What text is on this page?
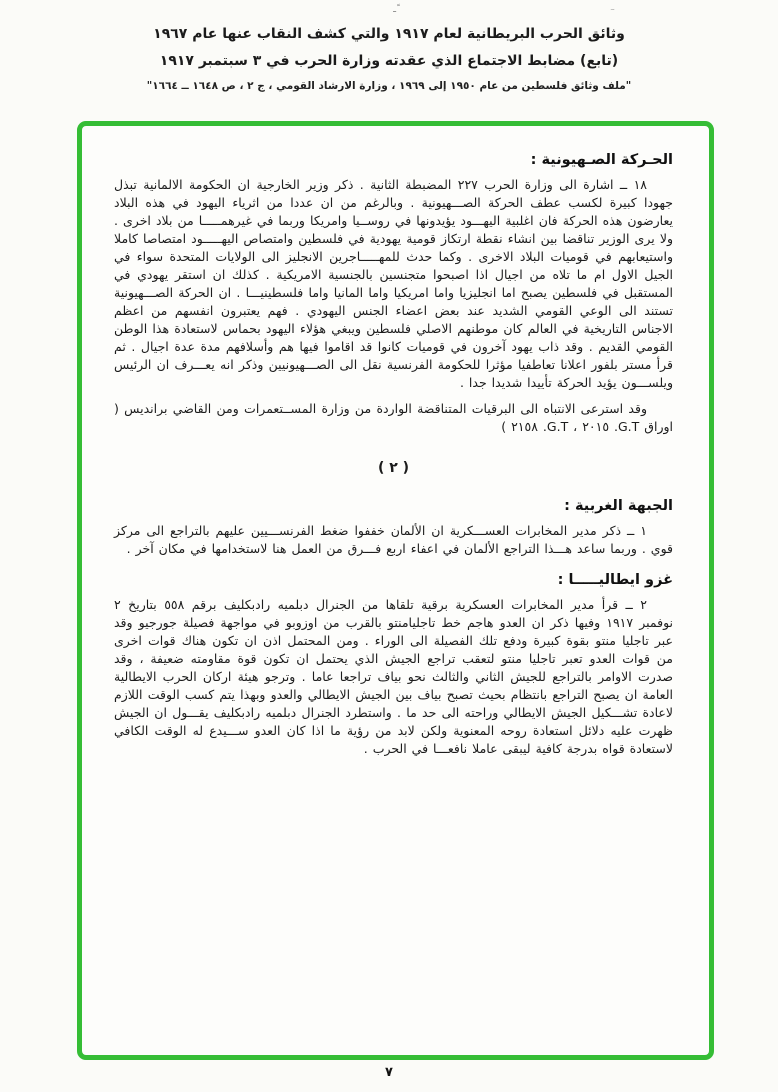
ًـ
وثائق الحرب البريطانية لعام ١٩١٧ والتي كشف النقاب عنها عام ١٩٦٧
(تابع) مضابط الاجتماع الذي عقدته وزارة الحرب في ٣ سبتمبر ١٩١٧
"ملف وثائق فلسطين من عام ١٩٥٠ إلى ١٩٦٩ ، وزارة الارشاد القومي ، ج ٢ ، ص ١٦٤٨ ــ ١٦٦٤"
الحـركة الصـهيونية :

١٨ ــ اشارة الى وزارة الحرب ٢٢٧ المضبطة الثانية . ذكر وزير الخارجية ان الحكومة الالمانية تبذل جهودا كبيرة لكسب عطف الحركة الصـــهيونية . وبالرغم من ان عددا من اثرياء اليهود في هذه البلاد يعارضون هذه الحركة فان اغلبية اليهـــود يؤيدونها في روســيا وامريكا وربما في غيرهمـــــا من بلاد اخرى . ولا يرى الوزير تناقضا بين انشاء نقطة ارتكاز قومية يهودية في فلسطين وامتصاص اليهـــــود امتصاصا كاملا واستيعابهم في قوميات البلاد الاخرى . وكما حدث للمهـــــاجرين الانجليز الى الولايات المتحدة سواء في الجيل الاول ام ما تلاه من اجيال اذا اصبحوا متجنسين بالجنسية الامريكية . كذلك ان استقر يهودي في المستقبل في فلسطين يصبح اما انجليزيا واما امريكيا واما المانيا واما فلسطينيـــا . ان الحركة الصـــهيونية تستند الى الوعي القومي الشديد عند بعض اعضاء الجنس اليهودي . فهم يعتبرون انفسهم من اعظم الاجناس التاريخية في العالم كان موطنهم الاصلي فلسطين ويبغي هؤلاء اليهود بحماس لاستعادة هذا الوطن القومي القديم . وقد ذاب يهود آخرون في قوميات كانوا قد اقاموا فيها هم وأسلافهم مدة عدة اجيال . ثم قرأ مستر بلفور اعلانا تعاطفيا مؤثرا للحكومة الفرنسية نقل الى الصـــهيونيين وذكر انه يعـــرف ان الرئيس ويلســـون يؤيد الحركة تأييدا شديدا جدا .

وقد استرعى الانتباه الى البرقيات المتناقضة الواردة من وزارة المســتعمرات ومن القاضي برانديس ( اوراق G.T. ٢٠١٥ ، G.T. ٢١٥٨ )

( ٢ )
الجبهة الغربية :

١ ــ ذكر مدير المخابرات العســـكرية ان الألمان خففوا ضغط الفرنســـيين عليهم بالتراجع الى مركز قوي . وربما ساعد هـــذا التراجع الألمان في اعفاء اربع فـــرق من العمل هنا لاستخدامها في مكان آخر .

غزو ايطاليـــــا :

٢ ــ قرأ مدير المخابرات العسكرية برقية تلقاها من الجنرال دبلميه رادبكليف برقم ٥٥٨ بتاريخ ٢ نوفمبر ١٩١٧ وفيها ذكر ان العدو هاجم خط تاجليامنتو بالقرب من اوزوبو في مواجهة فصيلة جورجيو وقد عبر تاجليا منتو بقوة كبيرة ودفع تلك الفصيلة الى الوراء . ومن المحتمل اذن ان تكون هناك قوات اخرى من قوات العدو تعبر تاجليا منتو لتعقب تراجع الجيش الذي يحتمل ان تكون قوة مقاومته ضعيفة ، وقد صدرت الاوامر بالتراجع للجيش الثاني والثالث نحو بياف تراجعا عاما . وترجو هيئة اركان الحرب الايطالية العامة ان يصبح التراجع بانتظام بحيث تصبح بياف بين الجيش الايطالي والعدو وبهذا يتم كسب الوقت اللازم لاعادة تشـــكيل الجيش الايطالي وراحته الى حد ما . واستطرد الجنرال دبلميه رادبكليف يقـــول ان الجيش ظهرت عليه دلائل استعادة روحه المعنوية ولكن لابد من رؤية ما اذا كان العدو ســـيدع له الوقت الكافي لاستعادة قواه بدرجة كافية ليبقى عاملا نافعـــا في الحرب .

٧
